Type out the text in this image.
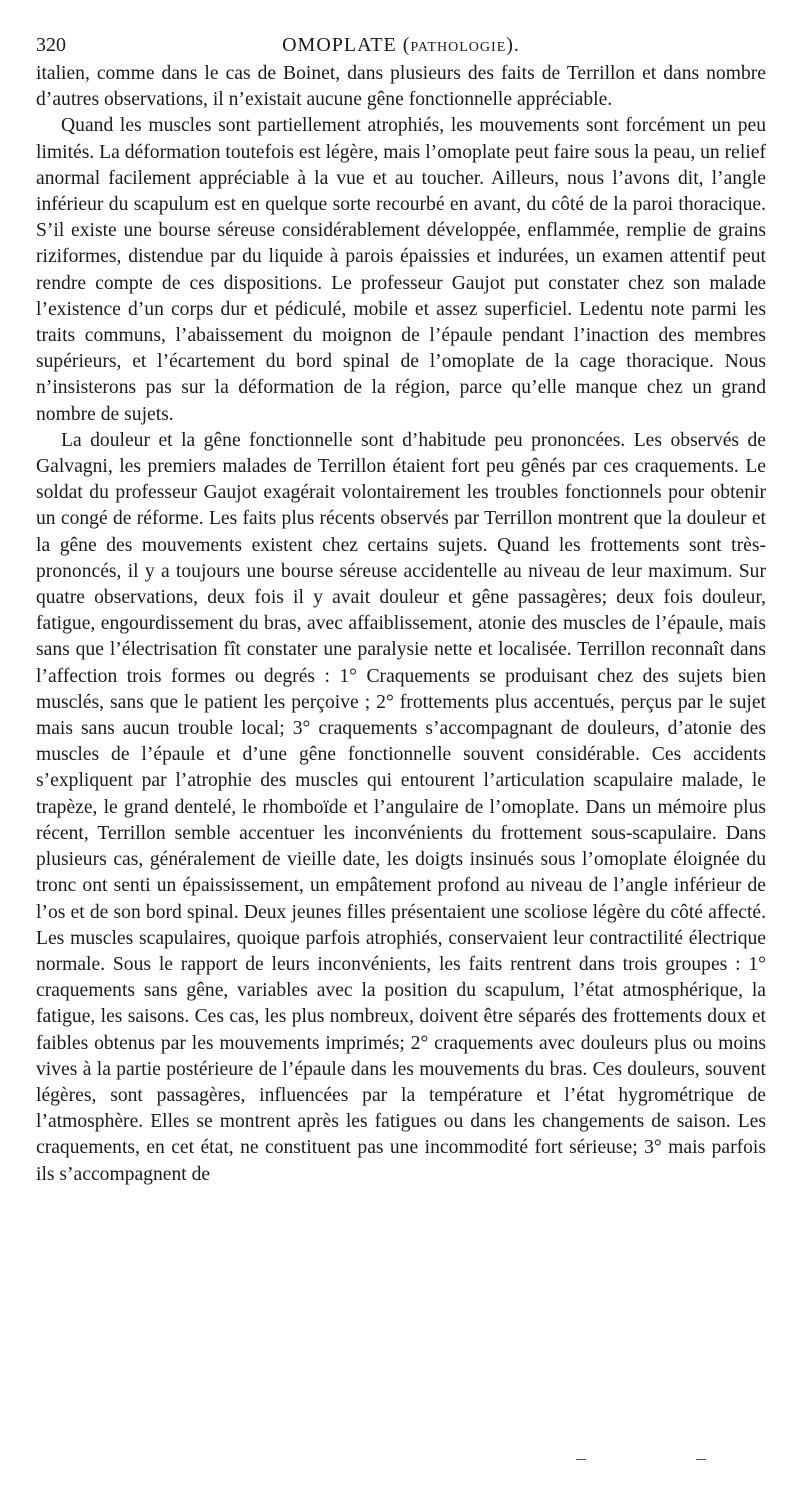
320	OMOPLATE (pathologie).

italien, comme dans le cas de Boinet, dans plusieurs des faits de Terrillon et dans nombre d’autres observations, il n’existait aucune gêne fonctionnelle appréciable.

Quand les muscles sont partiellement atrophiés, les mouvements sont forcément un peu limités. La déformation toutefois est légère, mais l’omoplate peut faire sous la peau, un relief anormal facilement appréciable à la vue et au toucher. Ailleurs, nous l’avons dit, l’angle inférieur du scapulum est en quelque sorte recourbé en avant, du côté de la paroi thoracique. S’il existe une bourse séreuse considérablement développée, enflammée, remplie de grains riziformes, distendue par du liquide à parois épaissies et indurées, un examen attentif peut rendre compte de ces dispositions. Le professeur Gaujot put constater chez son malade l’existence d’un corps dur et pédiculé, mobile et assez superficiel. Ledentu note parmi les traits communs, l’abaissement du moignon de l’épaule pendant l’inaction des membres supérieurs, et l’écartement du bord spinal de l’omoplate de la cage thoracique. Nous n’insisterons pas sur la déformation de la région, parce qu’elle manque chez un grand nombre de sujets.

La douleur et la gêne fonctionnelle sont d’habitude peu prononcées. Les observés de Galvagni, les premiers malades de Terrillon étaient fort peu gênés par ces craquements. Le soldat du professeur Gaujot exagérait volontairement les troubles fonctionnels pour obtenir un congé de réforme. Les faits plus récents observés par Terrillon montrent que la douleur et la gêne des mouvements existent chez certains sujets. Quand les frottements sont très-prononcés, il y a toujours une bourse séreuse accidentelle au niveau de leur maximum. Sur quatre observations, deux fois il y avait douleur et gêne passagères; deux fois douleur, fatigue, engourdissement du bras, avec affaiblissement, atonie des muscles de l’épaule, mais sans que l’électrisation fît constater une paralysie nette et localisée. Terrillon reconnaît dans l’affection trois formes ou degrés : 1° Craquements se produisant chez des sujets bien musclés, sans que le patient les perçoive ; 2° frottements plus accentués, perçus par le sujet mais sans aucun trouble local; 3° craquements s’accompagnant de douleurs, d’atonie des muscles de l’épaule et d’une gêne fonctionnelle souvent considérable. Ces accidents s’expliquent par l’atrophie des muscles qui entourent l’articulation scapulaire malade, le trapèze, le grand dentelé, le rhomboïde et l’angulaire de l’omoplate. Dans un mémoire plus récent, Terrillon semble accentuer les inconvénients du frottement sous-scapulaire. Dans plusieurs cas, généralement de vieille date, les doigts insinués sous l’omoplate éloignée du tronc ont senti un épaississement, un empâtement profond au niveau de l’angle inférieur de l’os et de son bord spinal. Deux jeunes filles présentaient une scoliose légère du côté affecté. Les muscles scapulaires, quoique parfois atrophiés, conservaient leur contractilité électrique normale. Sous le rapport de leurs inconvénients, les faits rentrent dans trois groupes : 1° craquements sans gêne, variables avec la position du scapulum, l’état atmosphérique, la fatigue, les saisons. Ces cas, les plus nombreux, doivent être séparés des frottements doux et faibles obtenus par les mouvements imprimés; 2° craquements avec douleurs plus ou moins vives à la partie postérieure de l’épaule dans les mouvements du bras. Ces douleurs, souvent légères, sont passagères, influencées par la température et l’état hygrométrique de l’atmosphère. Elles se montrent après les fatigues ou dans les changements de saison. Les craquements, en cet état, ne constituent pas une incommodité fort sérieuse; 3° mais parfois ils s’accompagnent de
